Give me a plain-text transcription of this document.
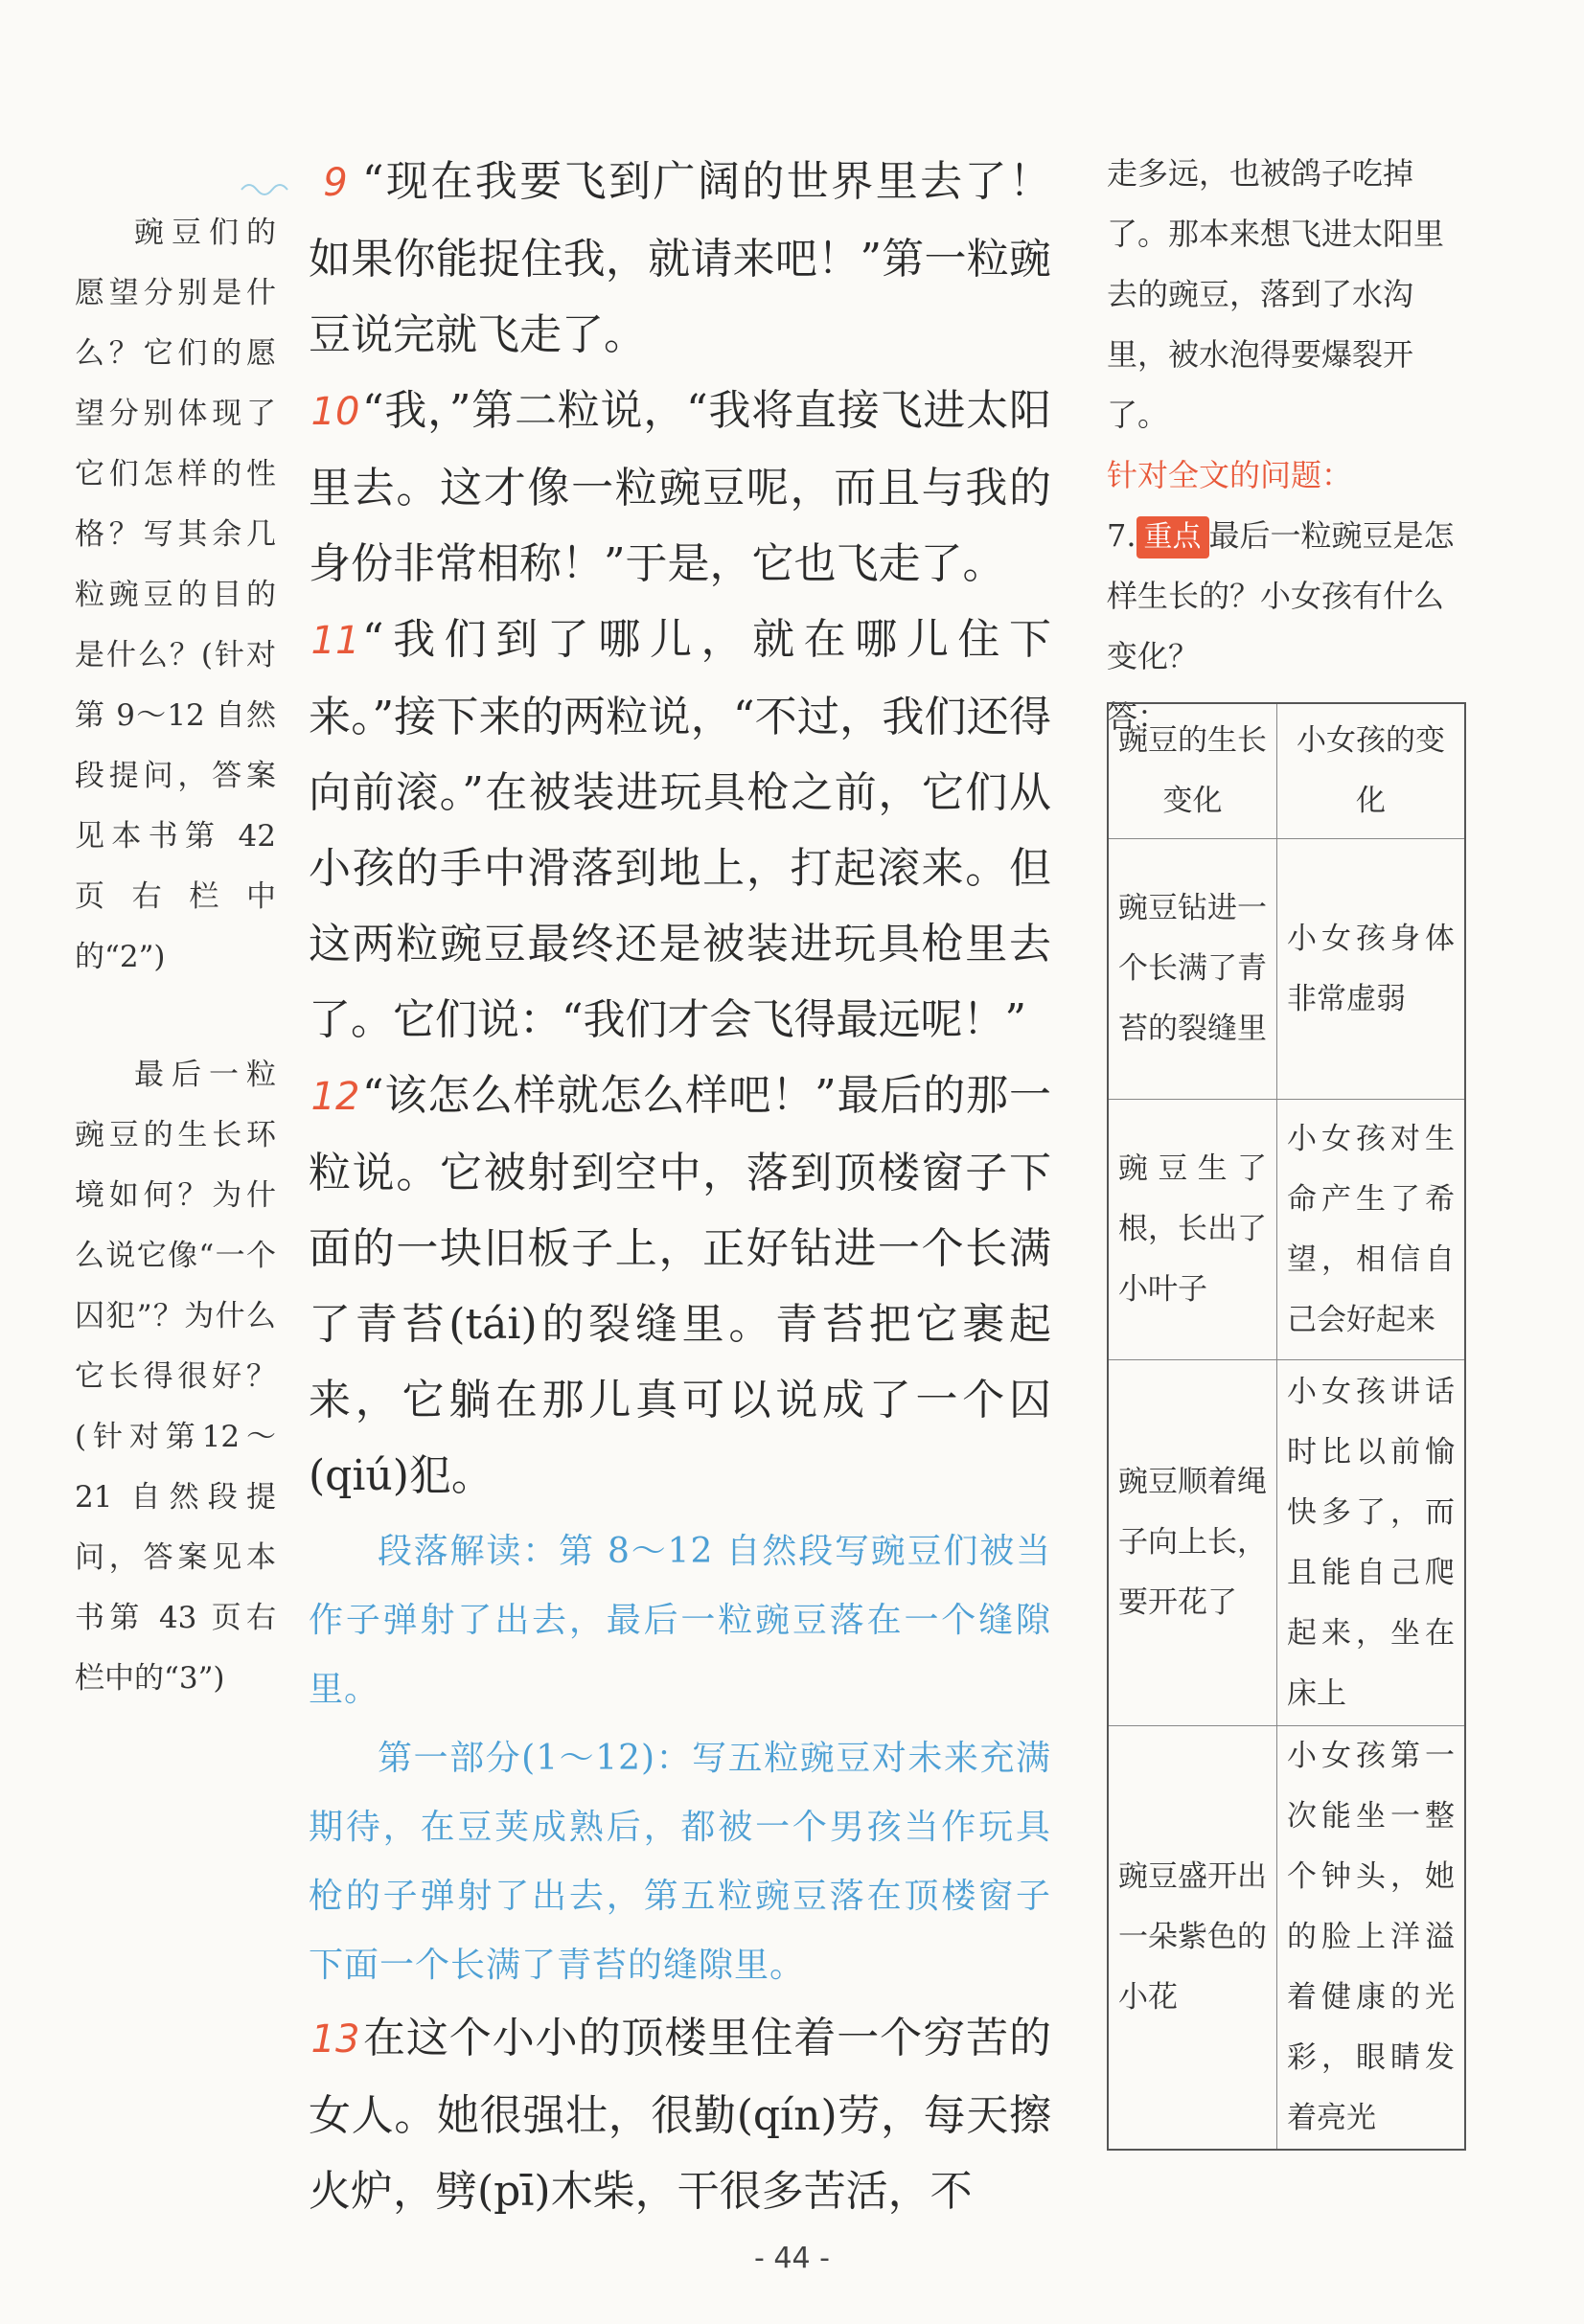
豌豆们的愿望分别是什么？它们的愿望分别体现了它们怎样的性格？写其余几粒豌豆的目的是什么？(针对第 9～12 自然段提问，答案见本书第 42 页右栏中的“2”)

最后一粒豌豆的生长环境如何？为什么说它像“一个囚犯”？为什么它长得很好？(针对第12～21 自然段提问，答案见本书第 43 页右栏中的“3”)

9 “现在我要飞到广阔的世界里去了！如果你能捉住我，就请来吧！”第一粒豌豆说完就飞走了。

10“我，”第二粒说，“我将直接飞进太阳里去。这才像一粒豌豆呢，而且与我的身份非常相称！”于是，它也飞走了。

11“我们到了哪儿，就在哪儿住下来。”接下来的两粒说，“不过，我们还得向前滚。”在被装进玩具枪之前，它们从小孩的手中滑落到地上，打起滚来。但这两粒豌豆最终还是被装进玩具枪里去了。它们说：“我们才会飞得最远呢！”

12“该怎么样就怎么样吧！”最后的那一粒说。它被射到空中，落到顶楼窗子下面的一块旧板子上，正好钻进一个长满了青苔(tái)的裂缝里。青苔把它裹起来，它躺在那儿真可以说成了一个囚(qiú)犯。

段落解读：第 8～12 自然段写豌豆们被当作子弹射了出去，最后一粒豌豆落在一个缝隙里。

第一部分(1～12)：写五粒豌豆对未来充满期待，在豆荚成熟后，都被一个男孩当作玩具枪的子弹射了出去，第五粒豌豆落在顶楼窗子下面一个长满了青苔的缝隙里。

13在这个小小的顶楼里住着一个穷苦的女人。她很强壮，很勤(qín)劳，每天擦火炉，劈(pī)木柴，干很多苦活，不

走多远，也被鸽子吃掉了。那本来想飞进太阳里去的豌豆，落到了水沟里，被水泡得要爆裂开了。

针对全文的问题：

7. 重点 最后一粒豌豆是怎样生长的？小女孩有什么变化？

答：

豌豆的生长变化	小女孩的变化
豌豆钻进一个长满了青苔的裂缝里	小女孩身体非常虚弱
豌豆生了根，长出了小叶子	小女孩对生命产生了希望，相信自己会好起来
豌豆顺着绳子向上长，要开花了	小女孩讲话时比以前愉快多了，而且能自己爬起来，坐在床上
豌豆盛开出一朵紫色的小花	小女孩第一次能坐一整个钟头，她的脸上洋溢着健康的光彩，眼睛发着亮光
- 44 -
